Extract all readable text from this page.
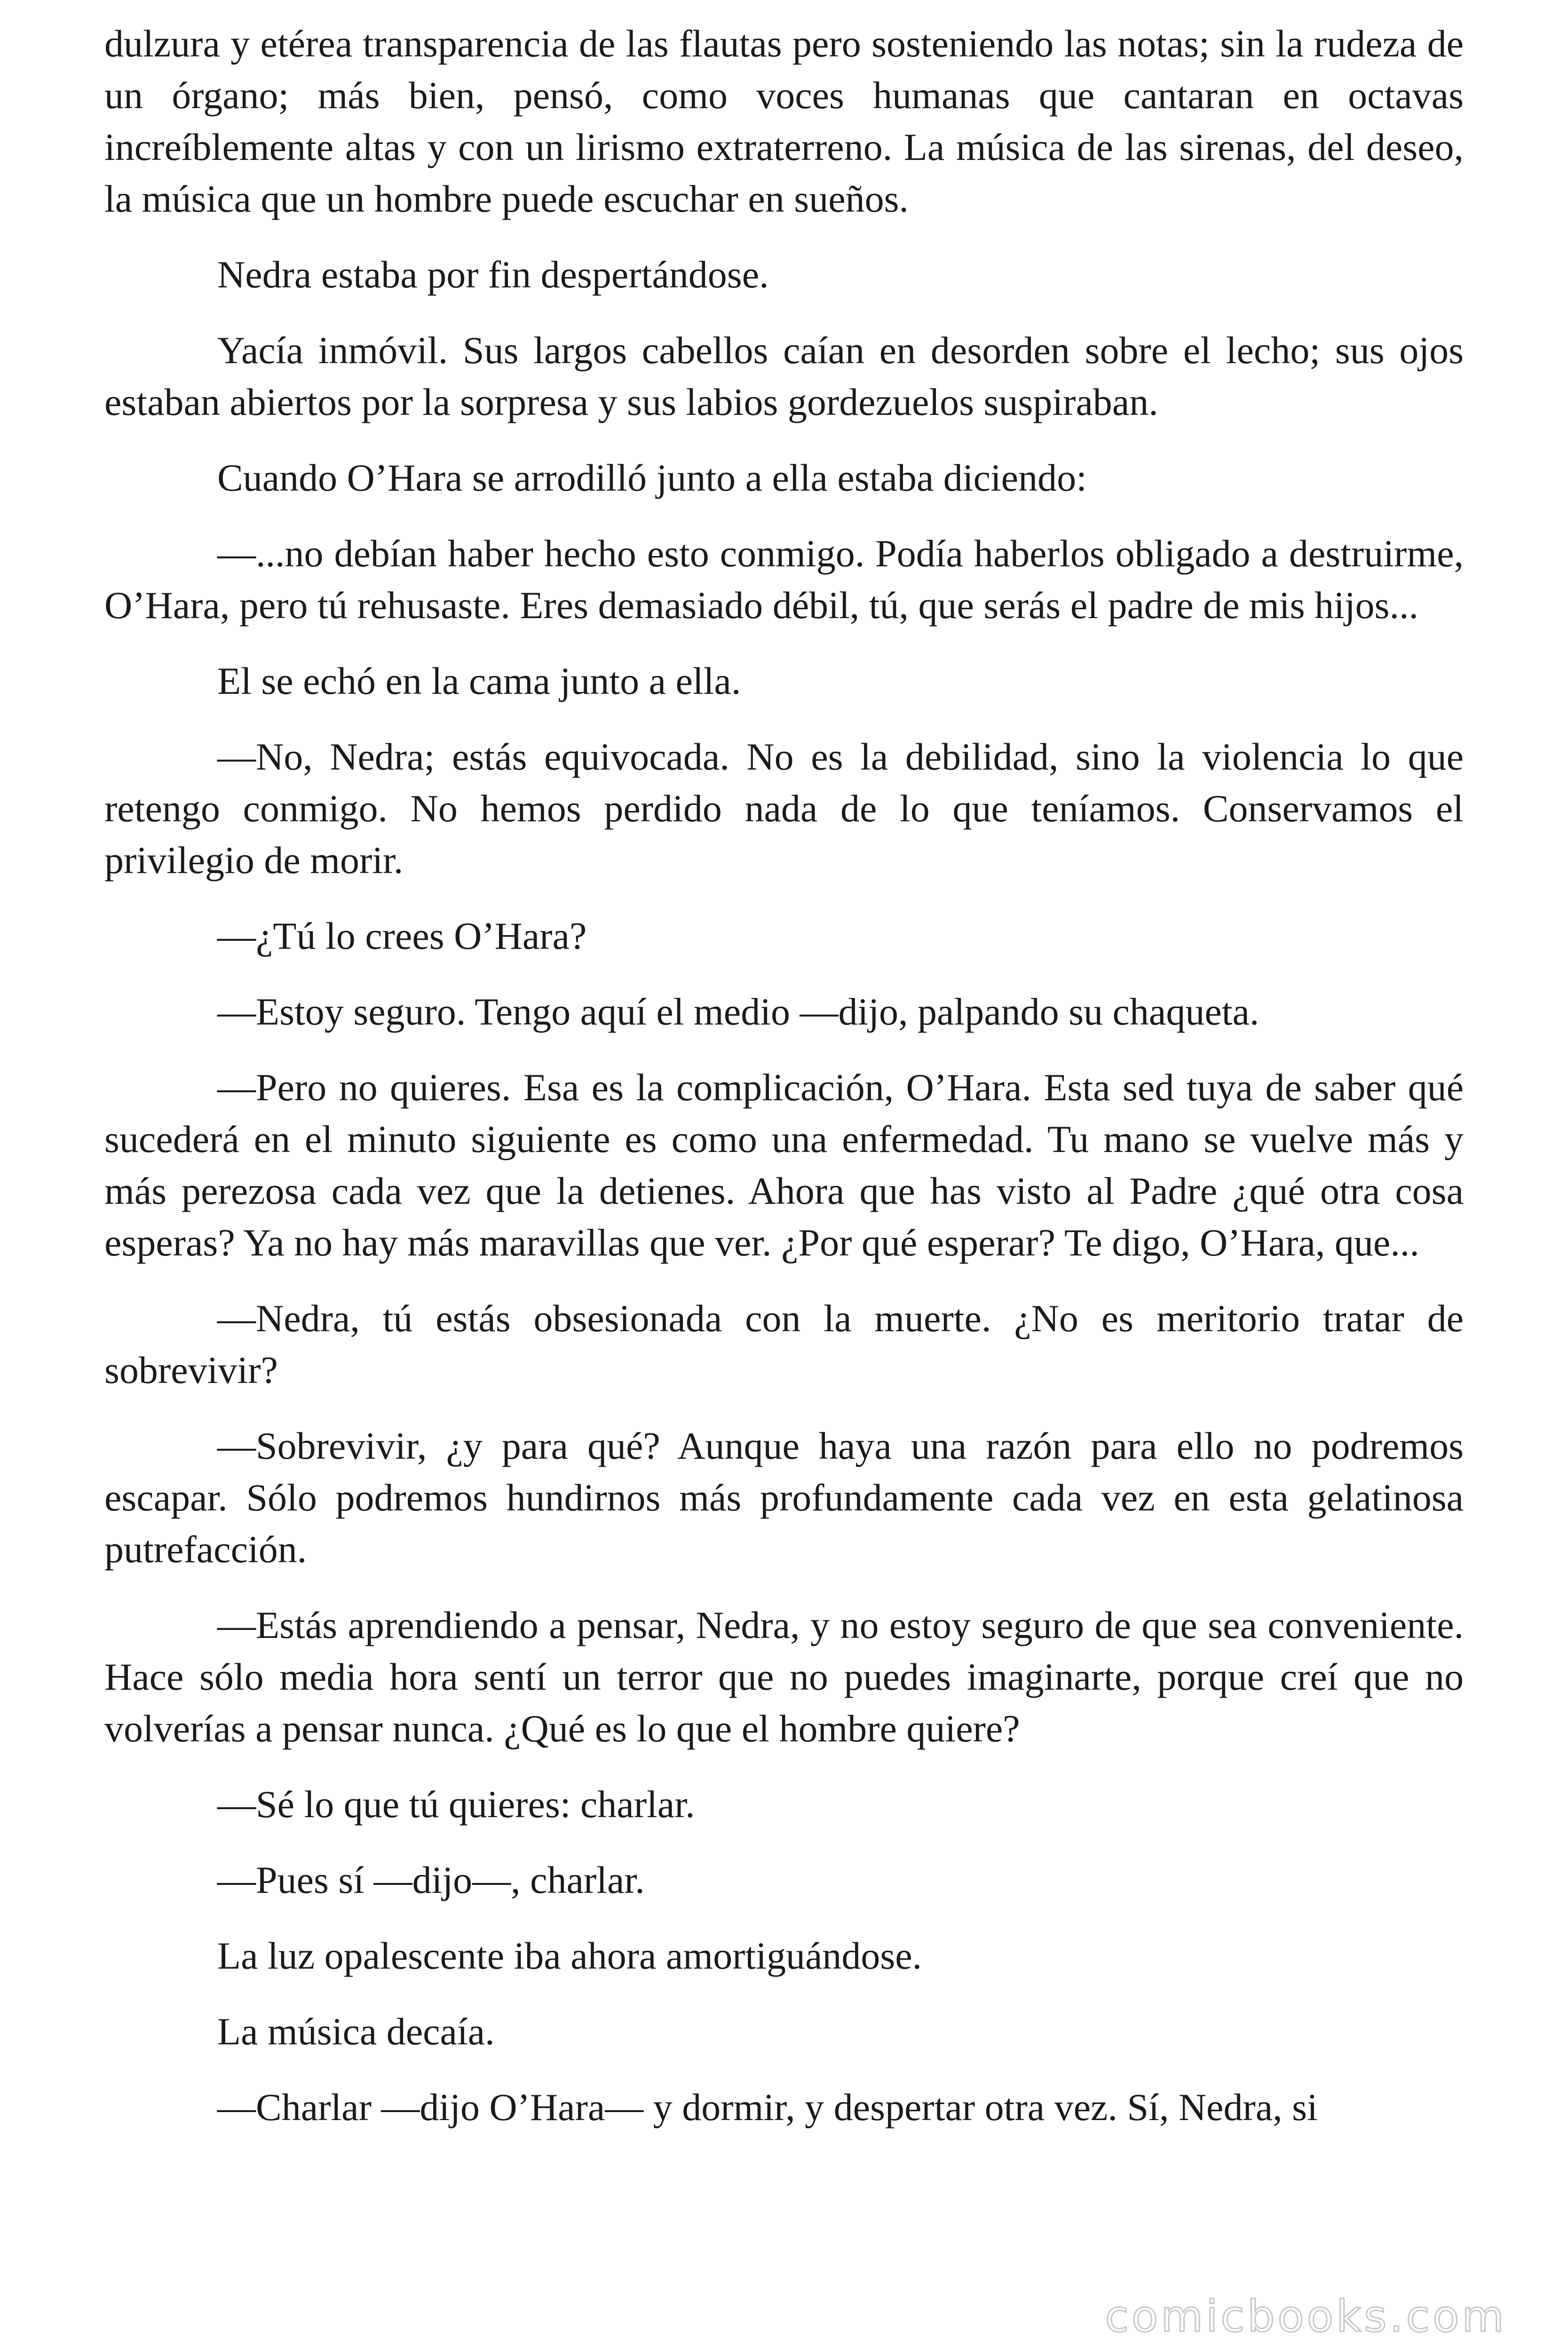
dulzura y etérea transparencia de las flautas pero sosteniendo las notas; sin la rudeza de un órgano; más bien, pensó, como voces humanas que cantaran en octavas increíblemente altas y con un lirismo extraterreno. La música de las sirenas, del deseo, la música que un hombre puede escuchar en sueños.

Nedra estaba por fin despertándose.

Yacía inmóvil. Sus largos cabellos caían en desorden sobre el lecho; sus ojos estaban abiertos por la sorpresa y sus labios gordezuelos suspiraban.

Cuando O’Hara se arrodilló junto a ella estaba diciendo:

—...no debían haber hecho esto conmigo. Podía haberlos obligado a destruirme, O’Hara, pero tú rehusaste. Eres demasiado débil, tú, que serás el padre de mis hijos...

El se echó en la cama junto a ella.

—No, Nedra; estás equivocada. No es la debilidad, sino la violencia lo que retengo conmigo. No hemos perdido nada de lo que teníamos. Conservamos el privilegio de morir.

—¿Tú lo crees O’Hara?

—Estoy seguro. Tengo aquí el medio —dijo, palpando su chaqueta.

—Pero no quieres. Esa es la complicación, O’Hara. Esta sed tuya de saber qué sucederá en el minuto siguiente es como una enfermedad. Tu mano se vuelve más y más perezosa cada vez que la detienes. Ahora que has visto al Padre ¿qué otra cosa esperas? Ya no hay más maravillas que ver. ¿Por qué esperar? Te digo, O’Hara, que...

—Nedra, tú estás obsesionada con la muerte. ¿No es meritorio tratar de sobrevivir?

—Sobrevivir, ¿y para qué? Aunque haya una razón para ello no podremos escapar. Sólo podremos hundirnos más profundamente cada vez en esta gelatinosa putrefacción.

—Estás aprendiendo a pensar, Nedra, y no estoy seguro de que sea conveniente. Hace sólo media hora sentí un terror que no puedes imaginarte, porque creí que no volverías a pensar nunca. ¿Qué es lo que el hombre quiere?

—Sé lo que tú quieres: charlar.

—Pues sí —dijo—, charlar.

La luz opalescente iba ahora amortiguándose.

La música decaía.

—Charlar —dijo O’Hara— y dormir, y despertar otra vez. Sí, Nedra, si

comicbooks.com
